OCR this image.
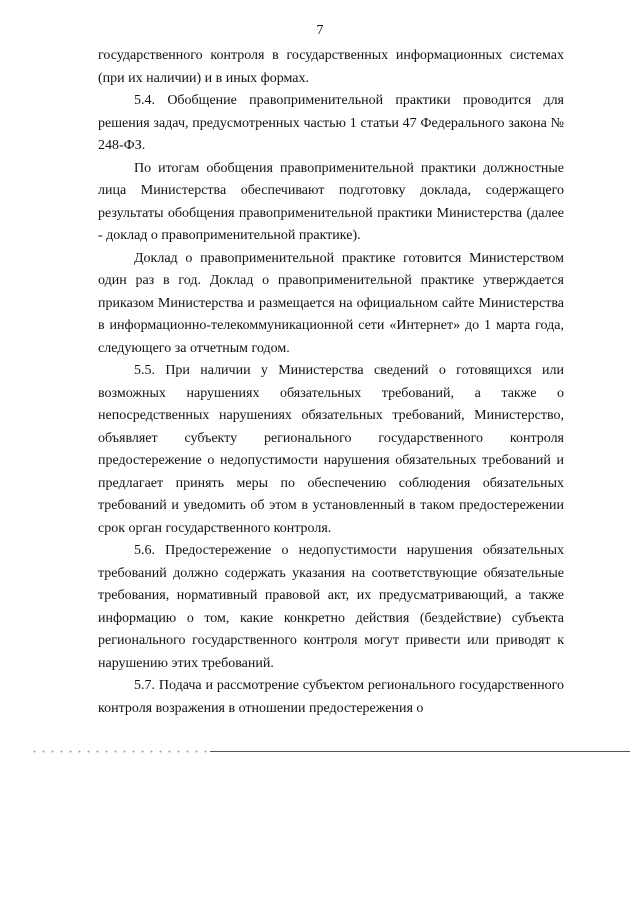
7

государственного контроля в государственных информационных системах (при их наличии) и в иных формах.

5.4. Обобщение правоприменительной практики проводится для решения задач, предусмотренных частью 1 статьи 47 Федерального закона № 248-ФЗ.

По итогам обобщения правоприменительной практики должностные лица Министерства обеспечивают подготовку доклада, содержащего результаты обобщения правоприменительной практики Министерства (далее - доклад о правоприменительной практике).

Доклад о правоприменительной практике готовится Министерством один раз в год. Доклад о правоприменительной практике утверждается приказом Министерства и размещается на официальном сайте Министерства в информационно-телекоммуникационной сети «Интернет» до 1 марта года, следующего за отчетным годом.

5.5. При наличии у Министерства сведений о готовящихся или возможных нарушениях обязательных требований, а также о непосредственных нарушениях обязательных требований, Министерство, объявляет субъекту регионального государственного контроля предостережение о недопустимости нарушения обязательных требований и предлагает принять меры по обеспечению соблюдения обязательных требований и уведомить об этом в установленный в таком предостережении срок орган государственного контроля.

5.6. Предостережение о недопустимости нарушения обязательных требований должно содержать указания на соответствующие обязательные требования, нормативный правовой акт, их предусматривающий, а также информацию о том, какие конкретно действия (бездействие) субъекта регионального государственного контроля могут привести или приводят к нарушению этих требований.

5.7. Подача и рассмотрение субъектом регионального государственного контроля возражения в отношении предостережения о
